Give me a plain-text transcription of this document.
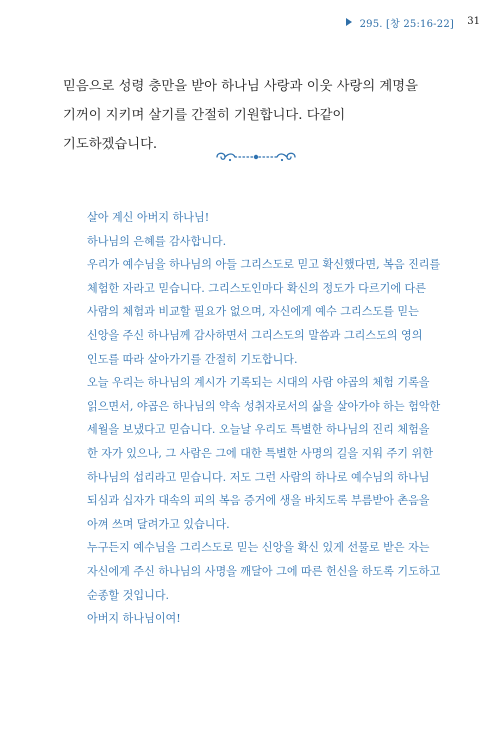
295. [창 25:16-22] 31

믿음으로 성령 충만을 받아 하나님 사랑과 이웃 사랑의 계명을 기꺼이 지키며 살기를 간절히 기원합니다. 다같이 기도하겠습니다.

살아 계신 아버지 하나님!

하나님의 은혜를 감사합니다.

우리가 예수님을 하나님의 아들 그리스도로 믿고 확신했다면, 복음 진리를 체험한 자라고 믿습니다. 그리스도인마다 확신의 정도가 다르기에 다른 사람의 체험과 비교할 필요가 없으며, 자신에게 예수 그리스도를 믿는 신앙을 주신 하나님께 감사하면서 그리스도의 말씀과 그리스도의 영의 인도를 따라 살아가기를 간절히 기도합니다.

오늘 우리는 하나님의 계시가 기록되는 시대의 사람 야곱의 체험 기록을 읽으면서, 야곱은 하나님의 약속 성취자로서의 삶을 살아가야 하는 험악한 세월을 보냈다고 믿습니다. 오늘날 우리도 특별한 하나님의 진리 체험을 한 자가 있으나, 그 사람은 그에 대한 특별한 사명의 길을 지워 주기 위한 하나님의 섭리라고 믿습니다. 저도 그런 사람의 하나로 예수님의 하나님 되심과 십자가 대속의 피의 복음 증거에 생을 바치도록 부름받아 촌음을 아껴 쓰며 달려가고 있습니다.

누구든지 예수님을 그리스도로 믿는 신앙을 확신 있게 선물로 받은 자는 자신에게 주신 하나님의 사명을 깨달아 그에 따른 헌신을 하도록 기도하고 순종할 것입니다.

아버지 하나님이여!
